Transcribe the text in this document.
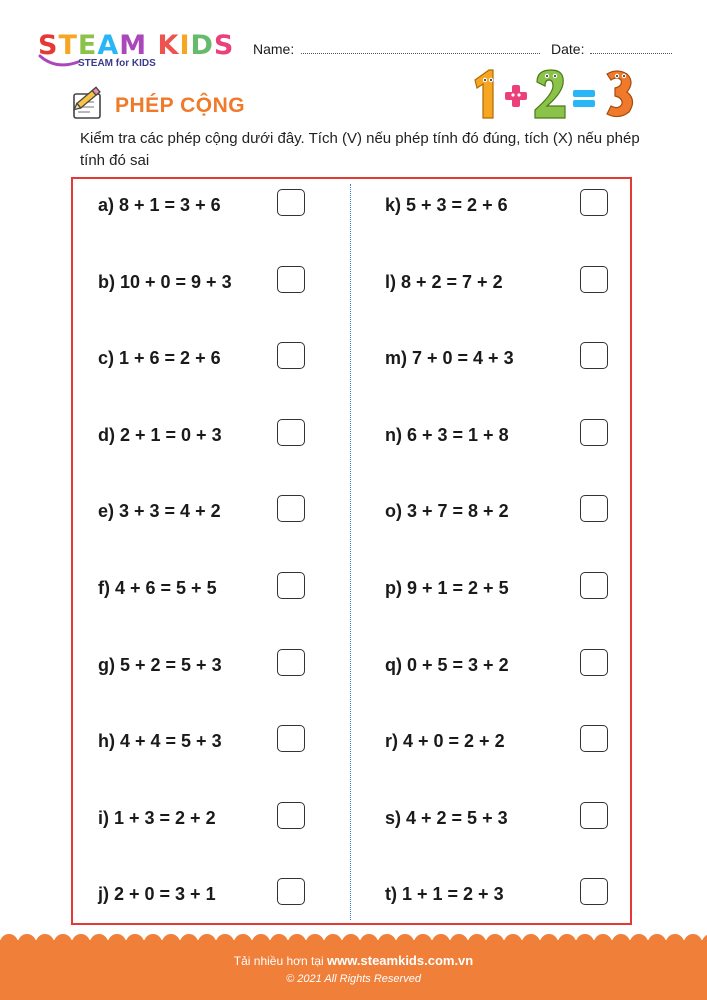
STEAM KIDS
STEAM for KIDS
Name:	Date:
PHÉP CỘNG
Kiểm tra các phép cộng dưới đây. Tích (V) nếu phép tính đó đúng, tích (X) nếu phép tính đó sai
a) 8 + 1 = 3 + 6
b) 10 + 0 = 9 + 3
c) 1 + 6 = 2 + 6
d) 2 + 1 = 0 + 3
e) 3 + 3 = 4 + 2
f) 4 + 6 = 5 + 5
g) 5 + 2 = 5 + 3
h) 4 + 4 = 5 + 3
i) 1 + 3 = 2 + 2
j) 2 + 0 = 3 + 1
k) 5 + 3 = 2 + 6
l) 8 + 2 = 7 + 2
m) 7 + 0 = 4 + 3
n) 6 + 3 = 1 + 8
o) 3 + 7 = 8 + 2
p) 9 + 1 = 2 + 5
q) 0 + 5 = 3 + 2
r) 4 + 0 = 2 + 2
s) 4 + 2 = 5 + 3
t) 1 + 1 = 2 + 3
Tải nhiều hơn tại www.steamkids.com.vn
© 2021 All Rights Reserved
